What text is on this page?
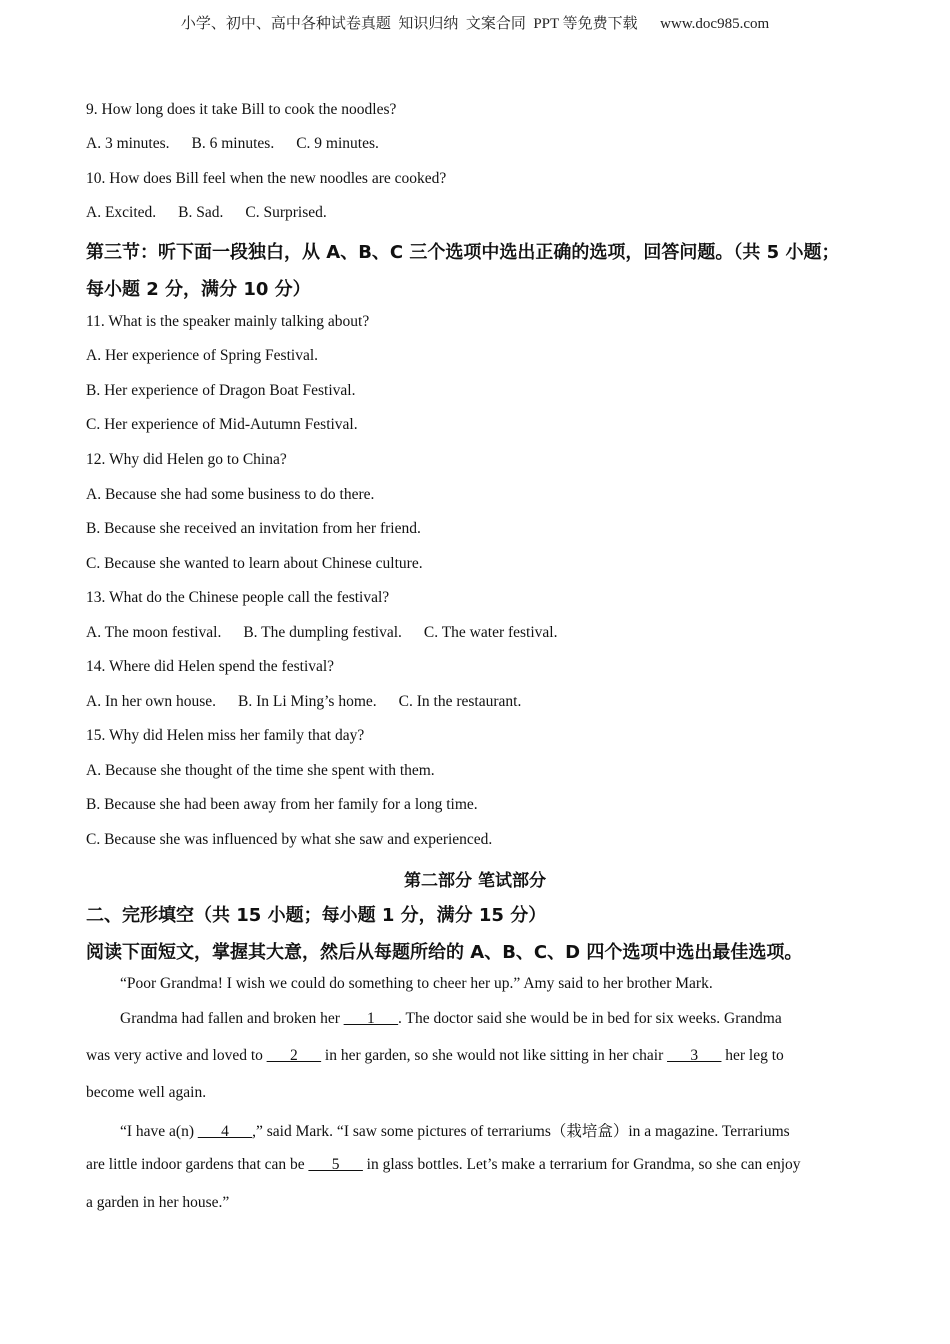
小学、初中、高中各种试卷真题  知识归纳  文案合同  PPT 等免费下载 www.doc985.com
9. How long does it take Bill to cook the noodles?
A. 3 minutes. B. 6 minutes. C. 9 minutes.
10. How does Bill feel when the new noodles are cooked?
A. Excited. B. Sad. C. Surprised.
第三节：听下面一段独白，从 A、B、C 三个选项中选出正确的选项，回答问题。（共 5 小题；
每小题 2 分，满分 10 分）
11. What is the speaker mainly talking about?
A. Her experience of Spring Festival.
B. Her experience of Dragon Boat Festival.
C. Her experience of Mid-Autumn Festival.
12. Why did Helen go to China?
A. Because she had some business to do there.
B. Because she received an invitation from her friend.
C. Because she wanted to learn about Chinese culture.
13. What do the Chinese people call the festival?
A. The moon festival. B. The dumpling festival. C. The water festival.
14. Where did Helen spend the festival?
A. In her own house. B. In Li Ming’s home. C. In the restaurant.
15. Why did Helen miss her family that day?
A. Because she thought of the time she spent with them.
B. Because she had been away from her family for a long time.
C. Because she was influenced by what she saw and experienced.
第二部分 笔试部分
二、完形填空（共 15 小题；每小题 1 分，满分 15 分）
阅读下面短文，掌握其大意，然后从每题所给的 A、B、C、D 四个选项中选出最佳选项。
“Poor Grandma! I wish we could do something to cheer her up.” Amy said to her brother Mark.
Grandma had fallen and broken her ___1___. The doctor said she would be in bed for six weeks. Grandma
was very active and loved to ___2___ in her garden, so she would not like sitting in her chair ___3___ her leg to
become well again.
“I have a(n) ___4___,” said Mark. “I saw some pictures of terrariums（栽培盒）in a magazine. Terrariums
are little indoor gardens that can be ___5___ in glass bottles. Let’s make a terrarium for Grandma, so she can enjoy
a garden in her house.”
